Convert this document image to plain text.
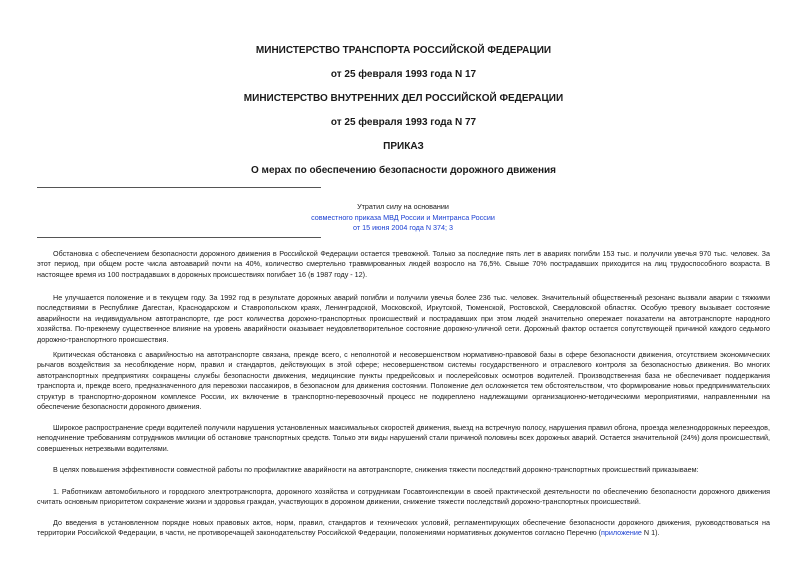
МИНИСТЕРСТВО ТРАНСПОРТА РОССИЙСКОЙ ФЕДЕРАЦИИ
от 25 февраля 1993 года N 17
МИНИСТЕРСТВО ВНУТРЕННИХ ДЕЛ РОССИЙСКОЙ ФЕДЕРАЦИИ
от 25 февраля 1993 года N 77
ПРИКАЗ
О мерах по обеспечению безопасности дорожного движения
Утратил силу на основании
совместного приказа МВД России и Минтранса России
от 15 июня 2004 года N 374; 3

Обстановка с обеспечением безопасности дорожного движения в Российской Федерации остается тревожной. Только за последние пять лет в авариях погибли 153 тыс. и получили увечья 970 тыс. человек. За этот период, при общем росте числа автоаварий почти на 40%, количество смертельно травмированных людей возросло на 76,5%. Свыше 70% пострадавших приходится на лиц трудоспособного возраста. В настоящее время из 100 пострадавших в дорожных происшествиях погибает 16 (в 1987 году - 12).

Не улучшается положение и в текущем году. За 1992 год в результате дорожных аварий погибли и получили увечья более 236 тыс. человек. Значительный общественный резонанс вызвали аварии с тяжкими последствиями в Республике Дагестан, Краснодарском и Ставропольском краях, Ленинградской, Московской, Иркутской, Тюменской, Ростовской, Свердловской областях. Особую тревогу вызывает состояние аварийности на индивидуальном автотранспорте, где рост количества дорожно-транспортных происшествий и пострадавших при этом людей значительно опережает показатели на автотранспорте народного хозяйства. По-прежнему существенное влияние на уровень аварийности оказывает неудовлетворительное состояние дорожно-уличной сети. Дорожный фактор остается сопутствующей причиной каждого седьмого дорожно-транспортного происшествия.

Критическая обстановка с аварийностью на автотранспорте связана, прежде всего, с неполнотой и несовершенством нормативно-правовой базы в сфере безопасности движения, отсутствием экономических рычагов воздействия за несоблюдение норм, правил и стандартов, действующих в этой сфере; несовершенством системы государственного и отраслевого контроля за безопасностью движения. Во многих автотранспортных предприятиях сокращены службы безопасности движения, медицинские пункты предрейсовых и послерейсовых осмотров водителей. Производственная база не обеспечивает поддержания транспорта и, прежде всего, предназначенного для перевозки пассажиров, в безопасном для движения состоянии. Положение дел осложняется тем обстоятельством, что формирование новых предпринимательских структур в транспортно-дорожном комплексе России, их включение в транспортно-перевозочный процесс не подкреплено надлежащими организационно-методическими мероприятиями, направленными на обеспечение безопасности дорожного движения.

Широкое распространение среди водителей получили нарушения установленных максимальных скоростей движения, выезд на встречную полосу, нарушения правил обгона, проезда железнодорожных переездов, неподчинение требованиям сотрудников милиции об остановке транспортных средств. Только эти виды нарушений стали причиной половины всех дорожных аварий. Остается значительной (24%) доля происшествий, совершенных нетрезвыми водителями.

В целях повышения эффективности совместной работы по профилактике аварийности на автотранспорте, снижения тяжести последствий дорожно-транспортных происшествий приказываем:

1. Работникам автомобильного и городского электротранспорта, дорожного хозяйства и сотрудникам Госавтоинспекции в своей практической деятельности по обеспечению безопасности дорожного движения считать основным приоритетом сохранение жизни и здоровья граждан, участвующих в дорожном движении, снижение тяжести последствий дорожно-транспортных происшествий.

До введения в установленном порядке новых правовых актов, норм, правил, стандартов и технических условий, регламентирующих обеспечение безопасности дорожного движения, руководствоваться на территории Российской Федерации, в части, не противоречащей законодательству Российской Федерации, положениями нормативных документов согласно Перечню (приложение N 1).
